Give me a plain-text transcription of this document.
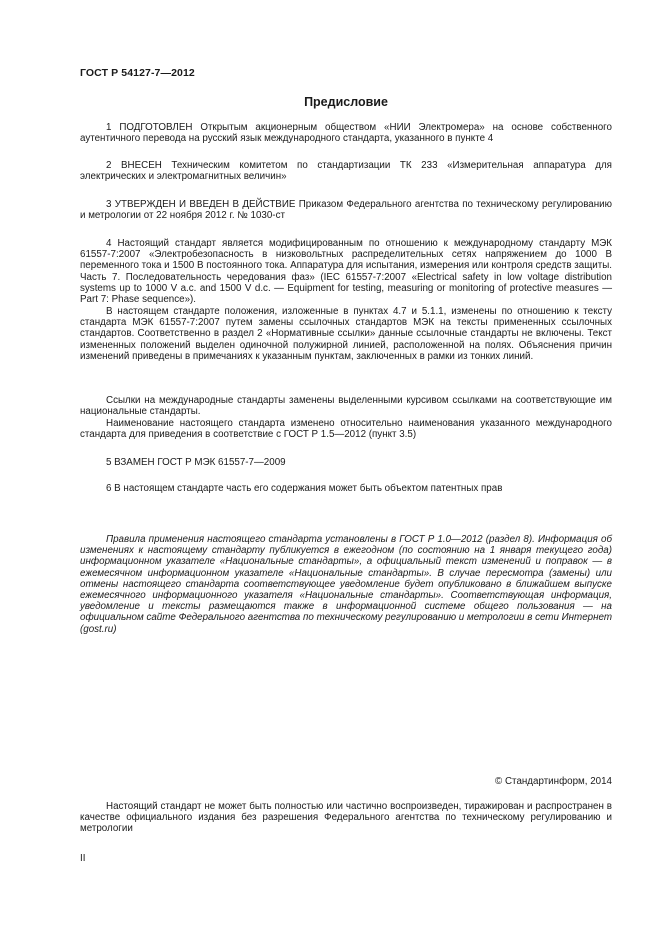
ГОСТ Р 54127-7—2012
Предисловие

1 ПОДГОТОВЛЕН Открытым акционерным обществом «НИИ Электромера» на основе собственного аутентичного перевода на русский язык международного стандарта, указанного в пункте 4

2 ВНЕСЕН Техническим комитетом по стандартизации ТК 233 «Измерительная аппаратура для электрических и электромагнитных величин»

3 УТВЕРЖДЕН И ВВЕДЕН В ДЕЙСТВИЕ Приказом Федерального агентства по техническому регулированию и метрологии от 22 ноября 2012 г. № 1030-ст

4 Настоящий стандарт является модифицированным по отношению к международному стандарту МЭК 61557-7:2007 «Электробезопасность в низковольтных распределительных сетях напряжением до 1000 В переменного тока и 1500 В постоянного тока. Аппаратура для испытания, измерения или контроля средств защиты. Часть 7. Последовательность чередования фаз» (IEC 61557-7:2007 «Electrical safety in low voltage distribution systems up to 1000 V a.c. and 1500 V d.c. — Equipment for testing, measuring or monitoring of protective measures — Part 7: Phase sequence»).

В настоящем стандарте положения, изложенные в пунктах 4.7 и 5.1.1, изменены по отношению к тексту стандарта МЭК 61557-7:2007 путем замены ссылочных стандартов МЭК на тексты примененных ссылочных стандартов. Соответственно в раздел 2 «Нормативные ссылки» данные ссылочные стандарты не включены. Текст измененных положений выделен одиночной полужирной линией, расположенной на полях. Объяснения причин изменений приведены в примечаниях к указанным пунктам, заключенных в рамки из тонких линий.

Ссылки на международные стандарты заменены выделенными курсивом ссылками на соответствующие им национальные стандарты.

Наименование настоящего стандарта изменено относительно наименования указанного международного стандарта для приведения в соответствие с ГОСТ Р 1.5—2012 (пункт 3.5)

5 ВЗАМЕН ГОСТ Р МЭК 61557-7—2009

6 В настоящем стандарте часть его содержания может быть объектом патентных прав

Правила применения настоящего стандарта установлены в ГОСТ Р 1.0—2012 (раздел 8). Информация об изменениях к настоящему стандарту публикуется в ежегодном (по состоянию на 1 января текущего года) информационном указателе «Национальные стандарты», а официальный текст изменений и поправок — в ежемесячном информационном указателе «Национальные стандарты». В случае пересмотра (замены) или отмены настоящего стандарта соответствующее уведомление будет опубликовано в ближайшем выпуске ежемесячного информационного указателя «Национальные стандарты». Соответствующая информация, уведомление и тексты размещаются также в информационной системе общего пользования — на официальном сайте Федерального агентства по техническому регулированию и метрологии в сети Интернет (gost.ru)

© Стандартинформ, 2014

Настоящий стандарт не может быть полностью или частично воспроизведен, тиражирован и распространен в качестве официального издания без разрешения Федерального агентства по техническому регулированию и метрологии

II
